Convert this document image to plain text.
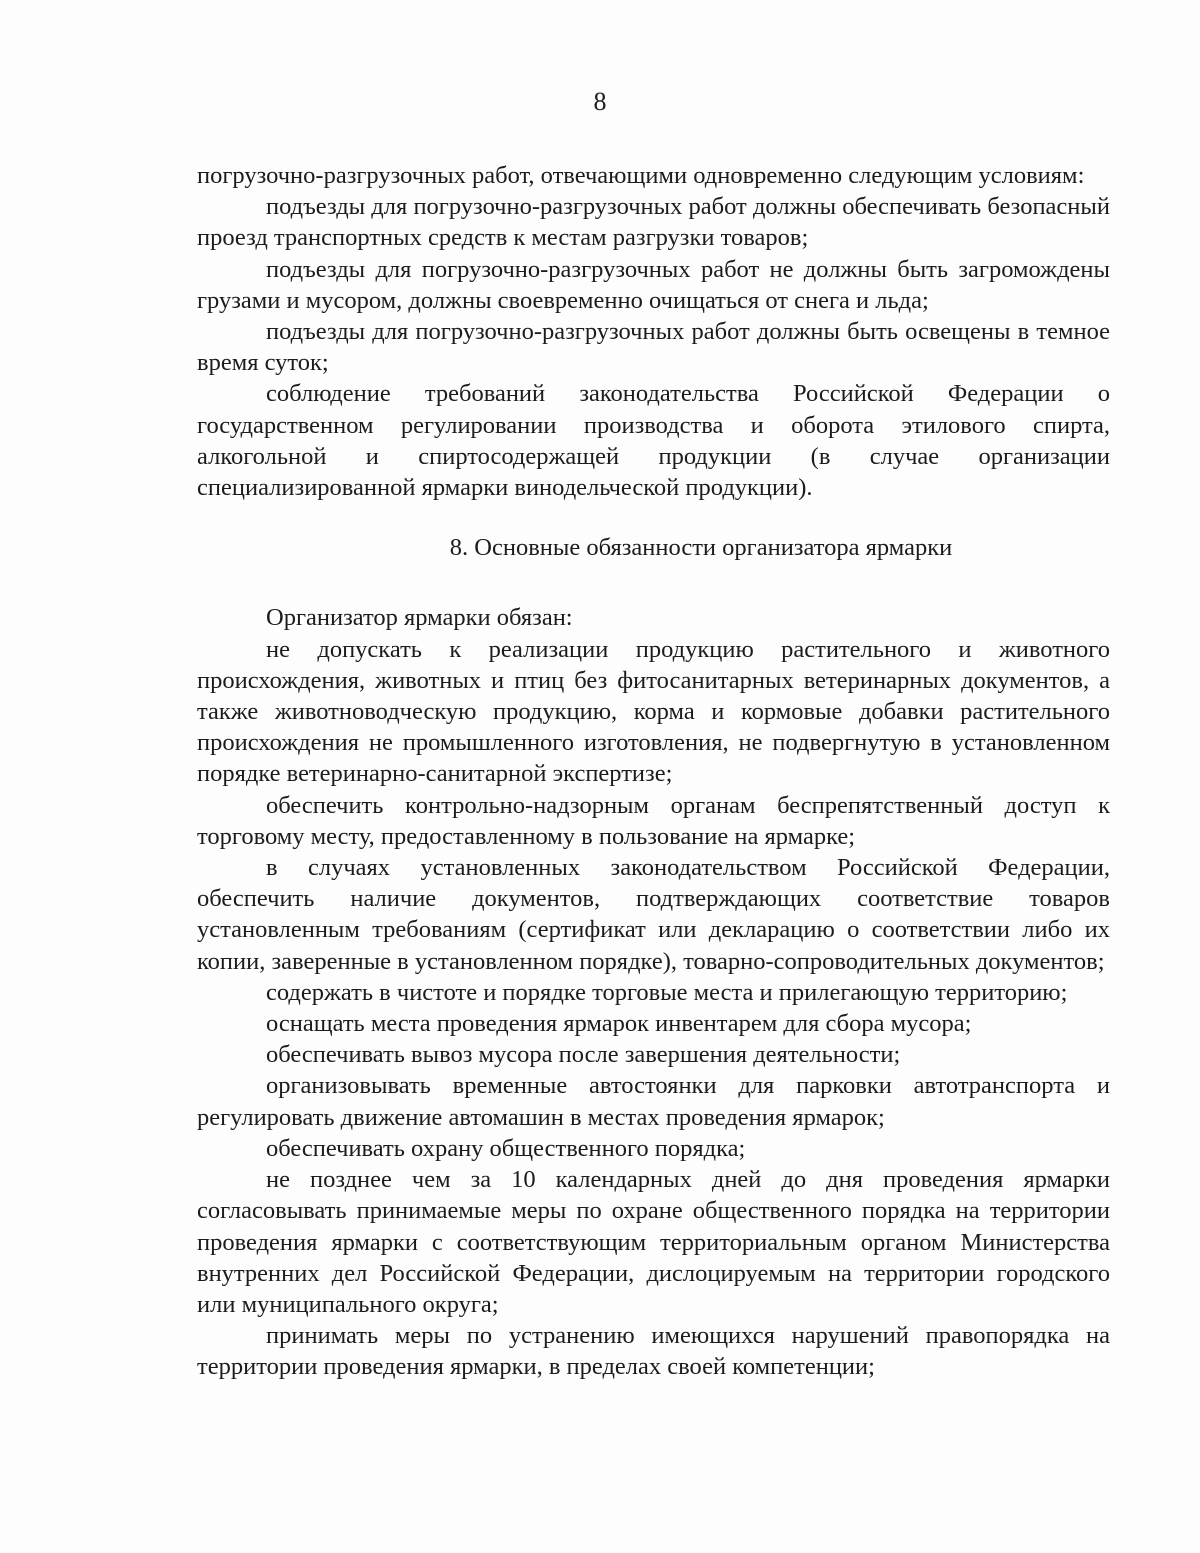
8

погрузочно-разгрузочных работ, отвечающими одновременно следующим условиям:

подъезды для погрузочно-разгрузочных работ должны обеспечивать безопасный проезд транспортных средств к местам разгрузки товаров;

подъезды для погрузочно-разгрузочных работ не должны быть загромождены грузами и мусором, должны своевременно очищаться от снега и льда;

подъезды для погрузочно-разгрузочных работ должны быть освещены в темное время суток;

соблюдение требований законодательства Российской Федерации о государственном регулировании производства и оборота этилового спирта, алкогольной и спиртосодержащей продукции (в случае организации специализированной ярмарки винодельческой продукции).

8. Основные обязанности организатора ярмарки

Организатор ярмарки обязан:

не допускать к реализации продукцию растительного и животного происхождения, животных и птиц без фитосанитарных ветеринарных документов, а также животноводческую продукцию, корма и кормовые добавки растительного происхождения не промышленного изготовления, не подвергнутую в установленном порядке ветеринарно-санитарной экспертизе;

обеспечить контрольно-надзорным органам беспрепятственный доступ к торговому месту, предоставленному в пользование на ярмарке;

в случаях установленных законодательством Российской Федерации, обеспечить наличие документов, подтверждающих соответствие товаров установленным требованиям (сертификат или декларацию о соответствии либо их копии, заверенные в установленном порядке), товарно-сопроводительных документов;

содержать в чистоте и порядке торговые места и прилегающую территорию;

оснащать места проведения ярмарок инвентарем для сбора мусора;

обеспечивать вывоз мусора после завершения деятельности;

организовывать временные автостоянки для парковки автотранспорта и регулировать движение автомашин в местах проведения ярмарок;

обеспечивать охрану общественного порядка;

не позднее чем за 10 календарных дней до дня проведения ярмарки согласовывать принимаемые меры по охране общественного порядка на территории проведения ярмарки с соответствующим территориальным органом Министерства внутренних дел Российской Федерации, дислоцируемым на территории городского или муниципального округа;

принимать меры по устранению имеющихся нарушений правопорядка на территории проведения ярмарки, в пределах своей компетенции;
